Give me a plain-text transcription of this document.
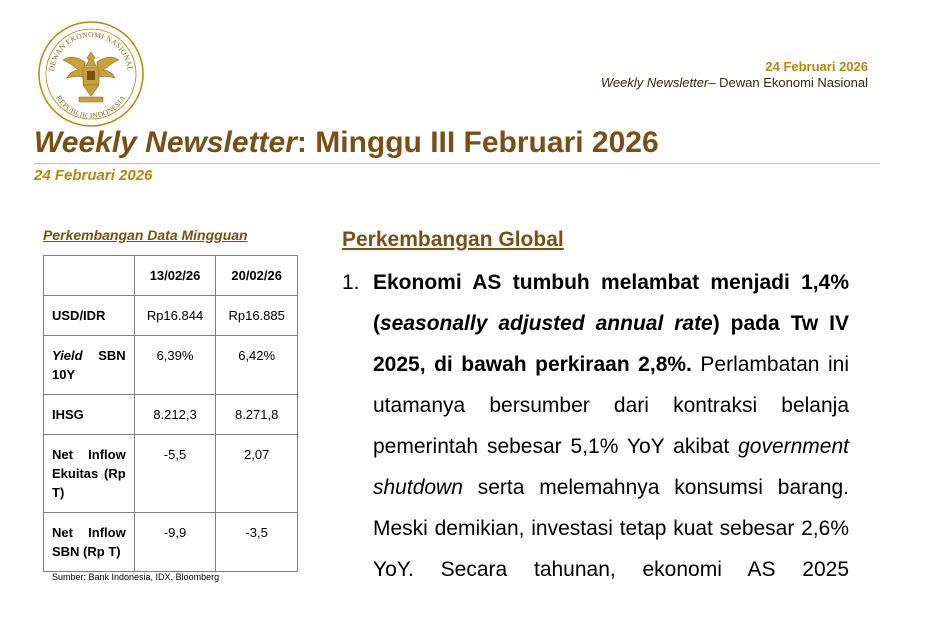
DEWAN EKONOMI NASIONAL
REPUBLIK INDONESIA
24 Februari 2026
Weekly Newsletter– Dewan Ekonomi Nasional
Weekly Newsletter: Minggu III Februari 2026
24 Februari 2026
Perkembangan Data Mingguan
	13/02/26	20/02/26
USD/IDR	Rp16.844	Rp16.885
Yield SBN 10Y	6,39%	6,42%
IHSG	8.212,3	8.271,8
Net Inflow Ekuitas (Rp T)	-5,5	2,07
Net Inflow SBN (Rp T)	-9,9	-3,5
Sumber: Bank Indonesia, IDX, Bloomberg
Perkembangan Global
1. Ekonomi AS tumbuh melambat menjadi 1,4% (seasonally adjusted annual rate) pada Tw IV 2025, di bawah perkiraan 2,8%. Perlambatan ini utamanya bersumber dari kontraksi belanja pemerintah sebesar 5,1% YoY akibat government shutdown serta melemahnya konsumsi barang. Meski demikian, investasi tetap kuat sebesar 2,6% YoY. Secara tahunan, ekonomi AS 2025
